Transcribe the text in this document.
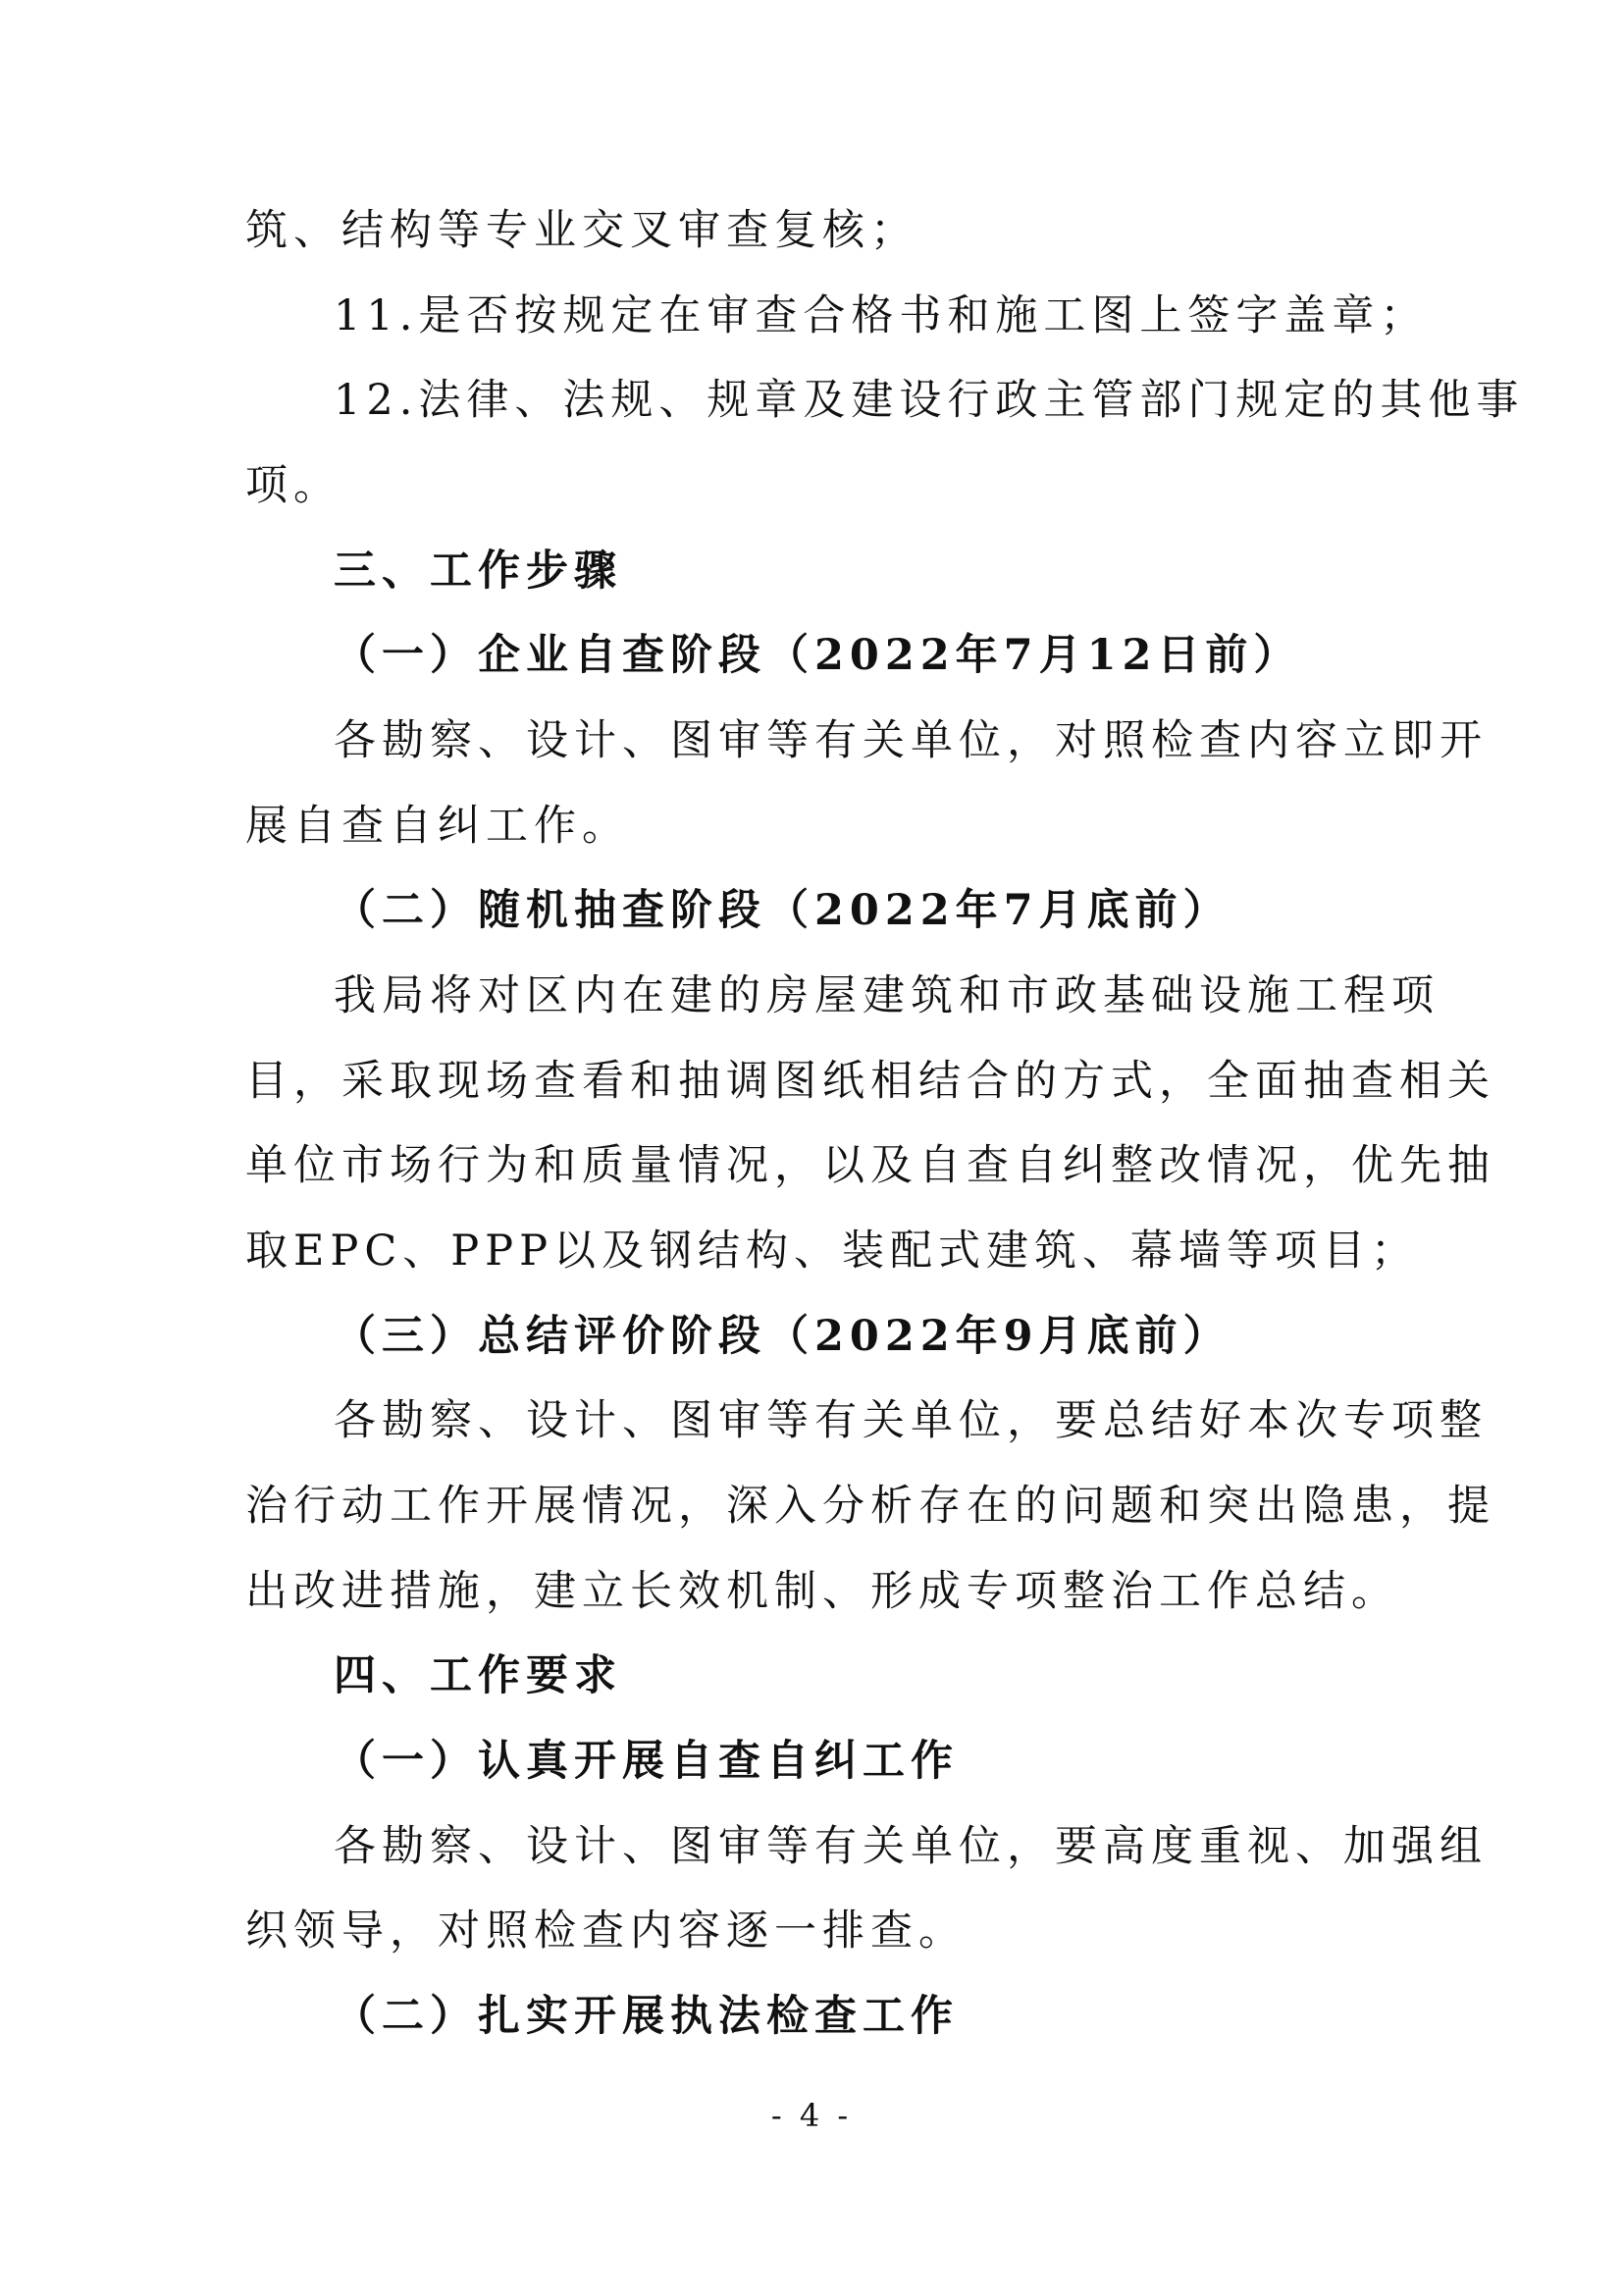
筑、结构等专业交叉审查复核；
11.是否按规定在审查合格书和施工图上签字盖章；
12.法律、法规、规章及建设行政主管部门规定的其他事
项。
三、工作步骤
（一）企业自查阶段（2022年7月12日前）
各勘察、设计、图审等有关单位，对照检查内容立即开
展自查自纠工作。
（二）随机抽查阶段（2022年7月底前）
我局将对区内在建的房屋建筑和市政基础设施工程项
目，采取现场查看和抽调图纸相结合的方式，全面抽查相关
单位市场行为和质量情况，以及自查自纠整改情况，优先抽
取EPC、PPP以及钢结构、装配式建筑、幕墙等项目；
（三）总结评价阶段（2022年9月底前）
各勘察、设计、图审等有关单位，要总结好本次专项整
治行动工作开展情况，深入分析存在的问题和突出隐患，提
出改进措施，建立长效机制、形成专项整治工作总结。
四、工作要求
（一）认真开展自查自纠工作
各勘察、设计、图审等有关单位，要高度重视、加强组
织领导，对照检查内容逐一排查。
（二）扎实开展执法检查工作
- 4 -
